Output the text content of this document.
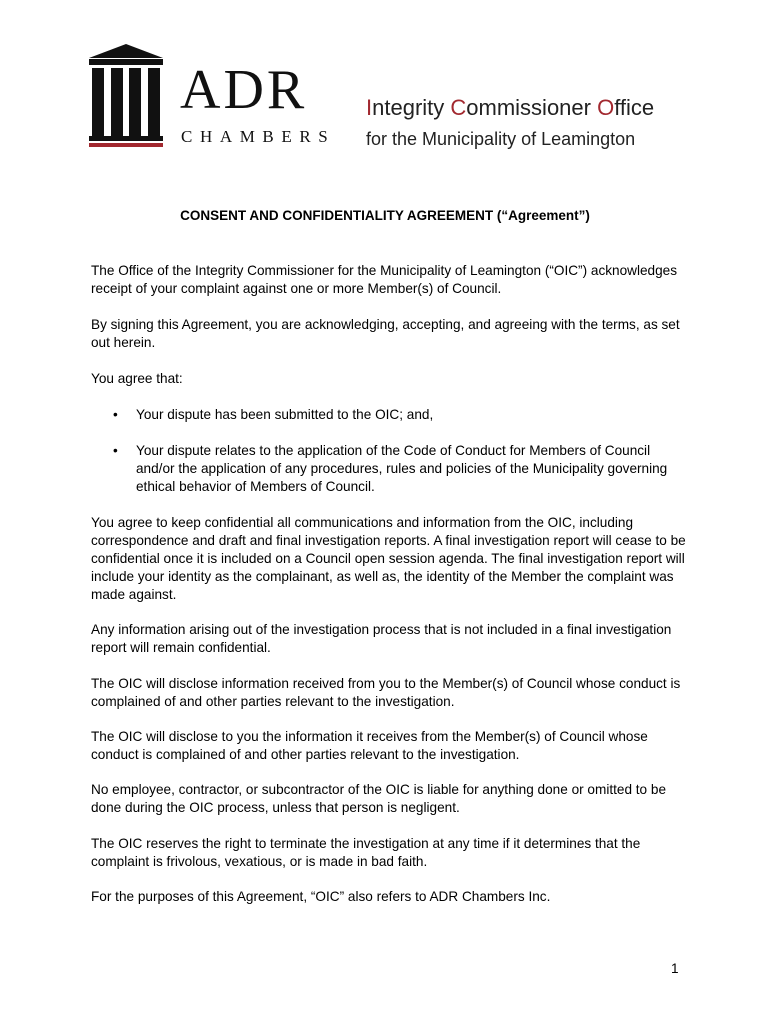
ADR
CHAMBERS
Integrity Commissioner Office
for the Municipality of Leamington
CONSENT AND CONFIDENTIALITY AGREEMENT (“Agreement”)

The Office of the Integrity Commissioner for the Municipality of Leamington (“OIC”) acknowledges receipt of your complaint against one or more Member(s) of Council.

By signing this Agreement, you are acknowledging, accepting, and agreeing with the terms, as set out herein.

You agree that:

• Your dispute has been submitted to the OIC; and,
• Your dispute relates to the application of the Code of Conduct for Members of Council and/or the application of any procedures, rules and policies of the Municipality governing ethical behavior of Members of Council.

You agree to keep confidential all communications and information from the OIC, including correspondence and draft and final investigation reports. A final investigation report will cease to be confidential once it is included on a Council open session agenda. The final investigation report will include your identity as the complainant, as well as, the identity of the Member the complaint was made against.

Any information arising out of the investigation process that is not included in a final investigation report will remain confidential.

The OIC will disclose information received from you to the Member(s) of Council whose conduct is complained of and other parties relevant to the investigation.

The OIC will disclose to you the information it receives from the Member(s) of Council whose conduct is complained of and other parties relevant to the investigation.

No employee, contractor, or subcontractor of the OIC is liable for anything done or omitted to be done during the OIC process, unless that person is negligent.

The OIC reserves the right to terminate the investigation at any time if it determines that the complaint is frivolous, vexatious, or is made in bad faith.

For the purposes of this Agreement, “OIC” also refers to ADR Chambers Inc.

1
